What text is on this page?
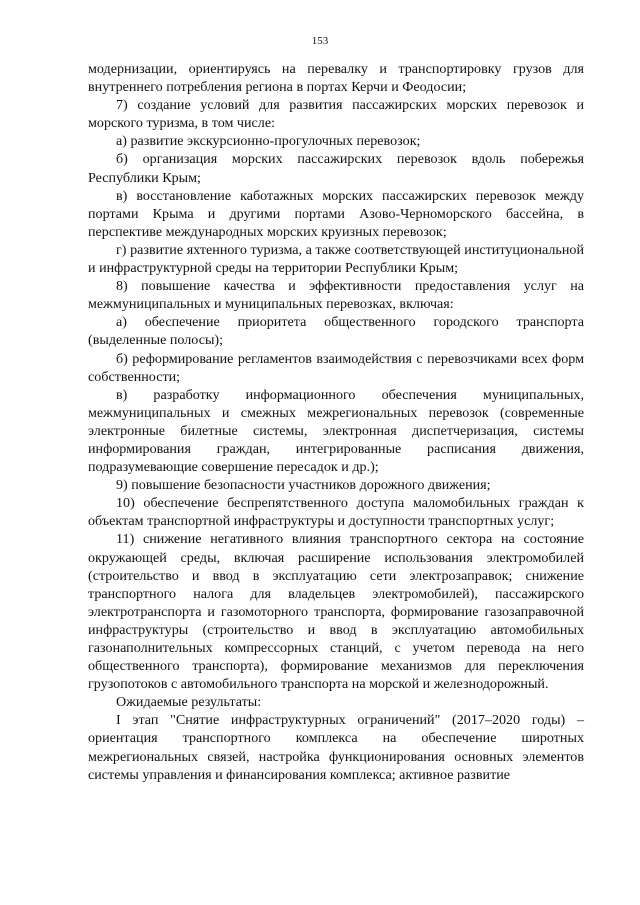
153

модернизации, ориентируясь на перевалку и транспортировку грузов для внутреннего потребления региона в портах Керчи и Феодосии;

7) создание условий для развития пассажирских морских перевозок и морского туризма, в том числе:

а) развитие экскурсионно-прогулочных перевозок;

б) организация морских пассажирских перевозок вдоль побережья Республики Крым;

в) восстановление каботажных морских пассажирских перевозок между портами Крыма и другими портами Азово-Черноморского бассейна, в перспективе международных морских круизных перевозок;

г) развитие яхтенного туризма, а также соответствующей институциональной и инфраструктурной среды на территории Республики Крым;

8) повышение качества и эффективности предоставления услуг на межмуниципальных и муниципальных перевозках, включая:

а) обеспечение приоритета общественного городского транспорта (выделенные полосы);

б) реформирование регламентов взаимодействия с перевозчиками всех форм собственности;

в) разработку информационного обеспечения муниципальных, межмуниципальных и смежных межрегиональных перевозок (современные электронные билетные системы, электронная диспетчеризация, системы информирования граждан, интегрированные расписания движения, подразумевающие совершение пересадок и др.);

9) повышение безопасности участников дорожного движения;

10) обеспечение беспрепятственного доступа маломобильных граждан к объектам транспортной инфраструктуры и доступности транспортных услуг;

11) снижение негативного влияния транспортного сектора на состояние окружающей среды, включая расширение использования электромобилей (строительство и ввод в эксплуатацию сети электрозаправок; снижение транспортного налога для владельцев электромобилей), пассажирского электротранспорта и газомоторного транспорта, формирование газозаправочной инфраструктуры (строительство и ввод в эксплуатацию автомобильных газонаполнительных компрессорных станций, с учетом перевода на него общественного транспорта), формирование механизмов для переключения грузопотоков с автомобильного транспорта на морской и железнодорожный.

Ожидаемые результаты:

I этап "Снятие инфраструктурных ограничений" (2017–2020 годы) – ориентация транспортного комплекса на обеспечение широтных межрегиональных связей, настройка функционирования основных элементов системы управления и финансирования комплекса; активное развитие
